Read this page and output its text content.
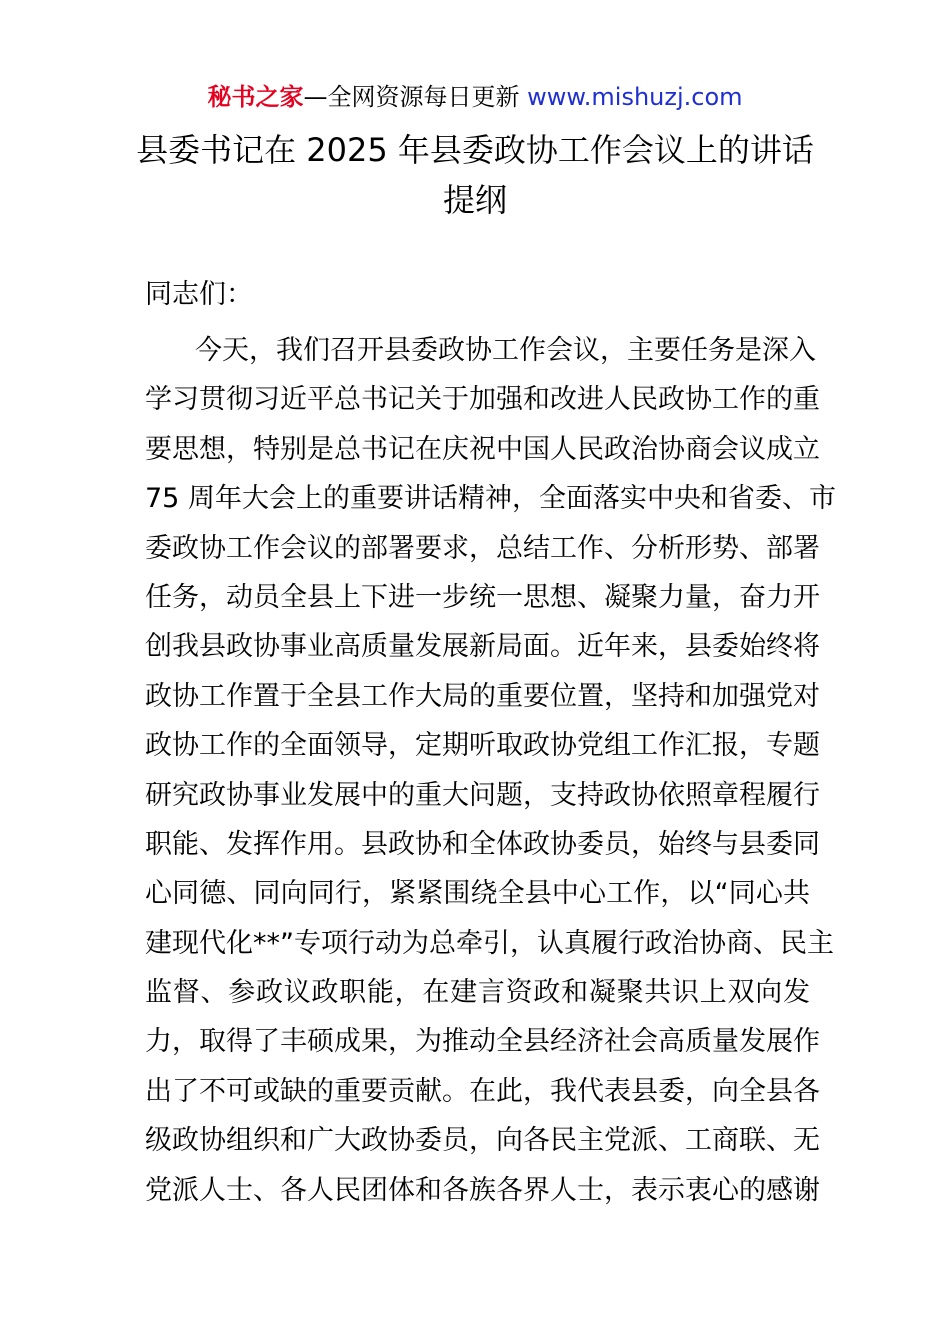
秘书之家—全网资源每日更新 www.mishuzj.com
县委书记在 2025 年县委政协工作会议上的讲话
提纲
同志们：
今天，我们召开县委政协工作会议，主要任务是深入
学习贯彻习近平总书记关于加强和改进人民政协工作的重
要思想，特别是总书记在庆祝中国人民政治协商会议成立
75 周年大会上的重要讲话精神，全面落实中央和省委、市
委政协工作会议的部署要求，总结工作、分析形势、部署
任务，动员全县上下进一步统一思想、凝聚力量，奋力开
创我县政协事业高质量发展新局面。近年来，县委始终将
政协工作置于全县工作大局的重要位置，坚持和加强党对
政协工作的全面领导，定期听取政协党组工作汇报，专题
研究政协事业发展中的重大问题，支持政协依照章程履行
职能、发挥作用。县政协和全体政协委员，始终与县委同
心同德、同向同行，紧紧围绕全县中心工作，以“同心共
建现代化**”专项行动为总牵引，认真履行政治协商、民主
监督、参政议政职能，在建言资政和凝聚共识上双向发
力，取得了丰硕成果，为推动全县经济社会高质量发展作
出了不可或缺的重要贡献。在此，我代表县委，向全县各
级政协组织和广大政协委员，向各民主党派、工商联、无
党派人士、各人民团体和各族各界人士，表示衷心的感谢
